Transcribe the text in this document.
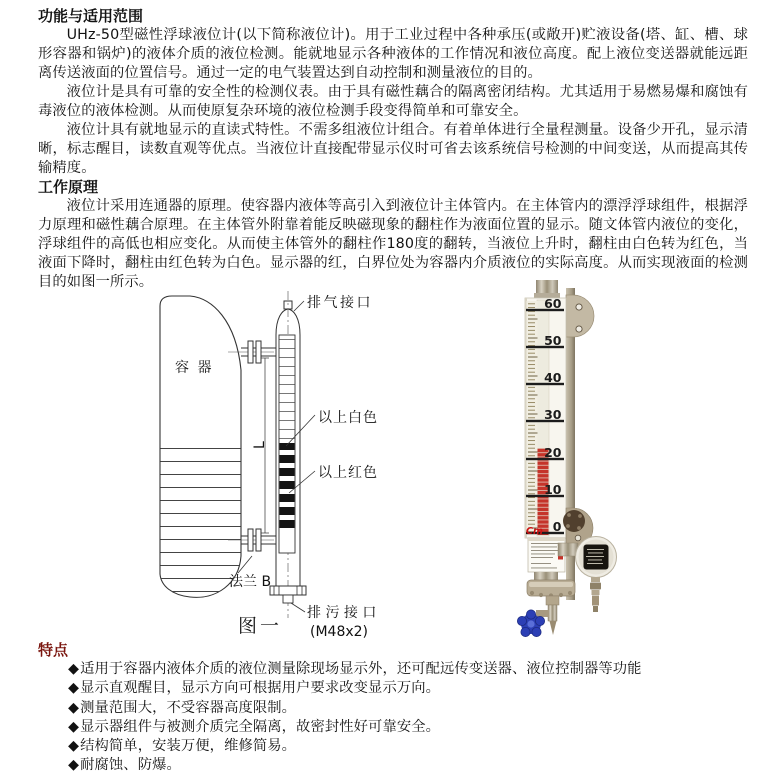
功能与适用范围

UHz-50型磁性浮球液位计(以下简称液位计)。用于工业过程中各种承压(或敞开)贮液设备(塔、缸、槽、球形容器和锅炉)的液体介质的液位检测。能就地显示各种液体的工作情况和液位高度。配上液位变送器就能远距离传送液面的位置信号。通过一定的电气装置达到自动控制和测量液位的目的。

液位计是具有可靠的安全性的检测仪表。由于具有磁性藕合的隔离密闭结构。尤其适用于易燃易爆和腐蚀有毒液位的液体检测。从而使原复杂环境的液位检测手段变得简单和可靠安全。

液位计具有就地显示的直读式特性。不需多组液位计组合。有着单体进行全量程测量。设备少开孔，显示清晰，标志醒目，读数直观等优点。当液位计直接配带显示仪时可省去该系统信号检测的中间变送，从而提高其传输精度。

工作原理

液位计采用连通器的原理。使容器内液体等高引入到液位计主体管内。在主体管内的漂浮浮球组件，根据浮力原理和磁性藕合原理。在主体管外附靠着能反映磁现象的翻柱作为液面位置的显示。随文体管内液位的变化，浮球组件的高低也相应变化。从而使主体管外的翻柱作180度的翻转，当液位上升时，翻柱由白色转为红色，当液面下降时，翻柱由红色转为白色。显示器的红，白界位处为容器内介质液位的实际高度。从而实现液面的检测目的如图一所示。

容 器
L
排气接口
以上白色
以上红色
法兰 B
排 污 接 口
(M48x2)
图一
60
50
40
30
20
10
0
Cm
特点
◆适用于容器内液体介质的液位测量除现场显示外，还可配远传变送器、液位控制器等功能
◆显示直观醒目，显示方向可根据用户要求改变显示万向。
◆测量范围大，不受容器高度限制。
◆显示器组件与被测介质完全隔离，故密封性好可靠安全。
◆结构简单，安装万便，维修简易。
◆耐腐蚀、防爆。
